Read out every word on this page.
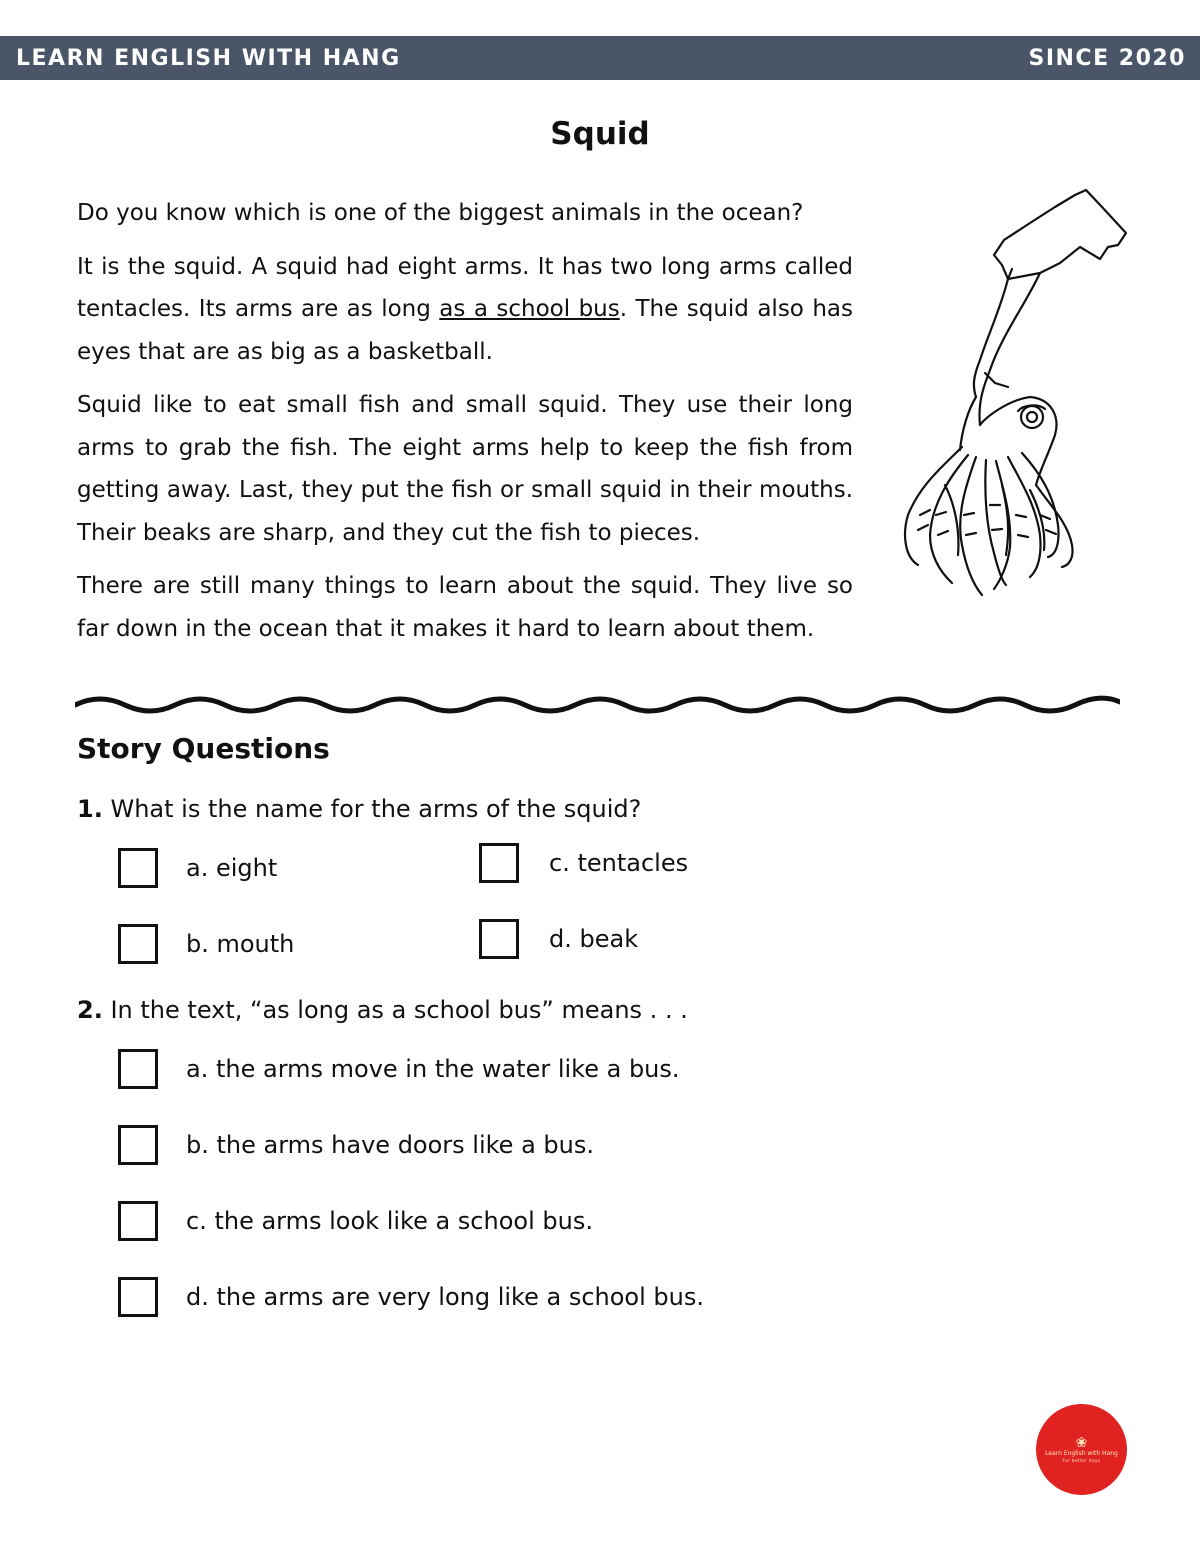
LEARN ENGLISH WITH HANG	SINCE 2020
Squid

Do you know which is one of the biggest animals in the ocean?

It is the squid. A squid had eight arms. It has two long arms called tentacles. Its arms are as long as a school bus. The squid also has eyes that are as big as a basketball.

Squid like to eat small fish and small squid. They use their long arms to grab the fish. The eight arms help to keep the fish from getting away. Last, they put the fish or small squid in their mouths. Their beaks are sharp, and they cut the fish to pieces.

There are still many things to learn about the squid. They live so far down in the ocean that it makes it hard to learn about them.

Story Questions

1. What is the name for the arms of the squid?

a. eight
b. mouth
c. tentacles
d. beak

2. In the text, “as long as a school bus” means . . .

a. the arms move in the water like a bus.
b. the arms have doors like a bus.
c. the arms look like a school bus.
d. the arms are very long like a school bus.
❀
Learn English with Hang
For better days
